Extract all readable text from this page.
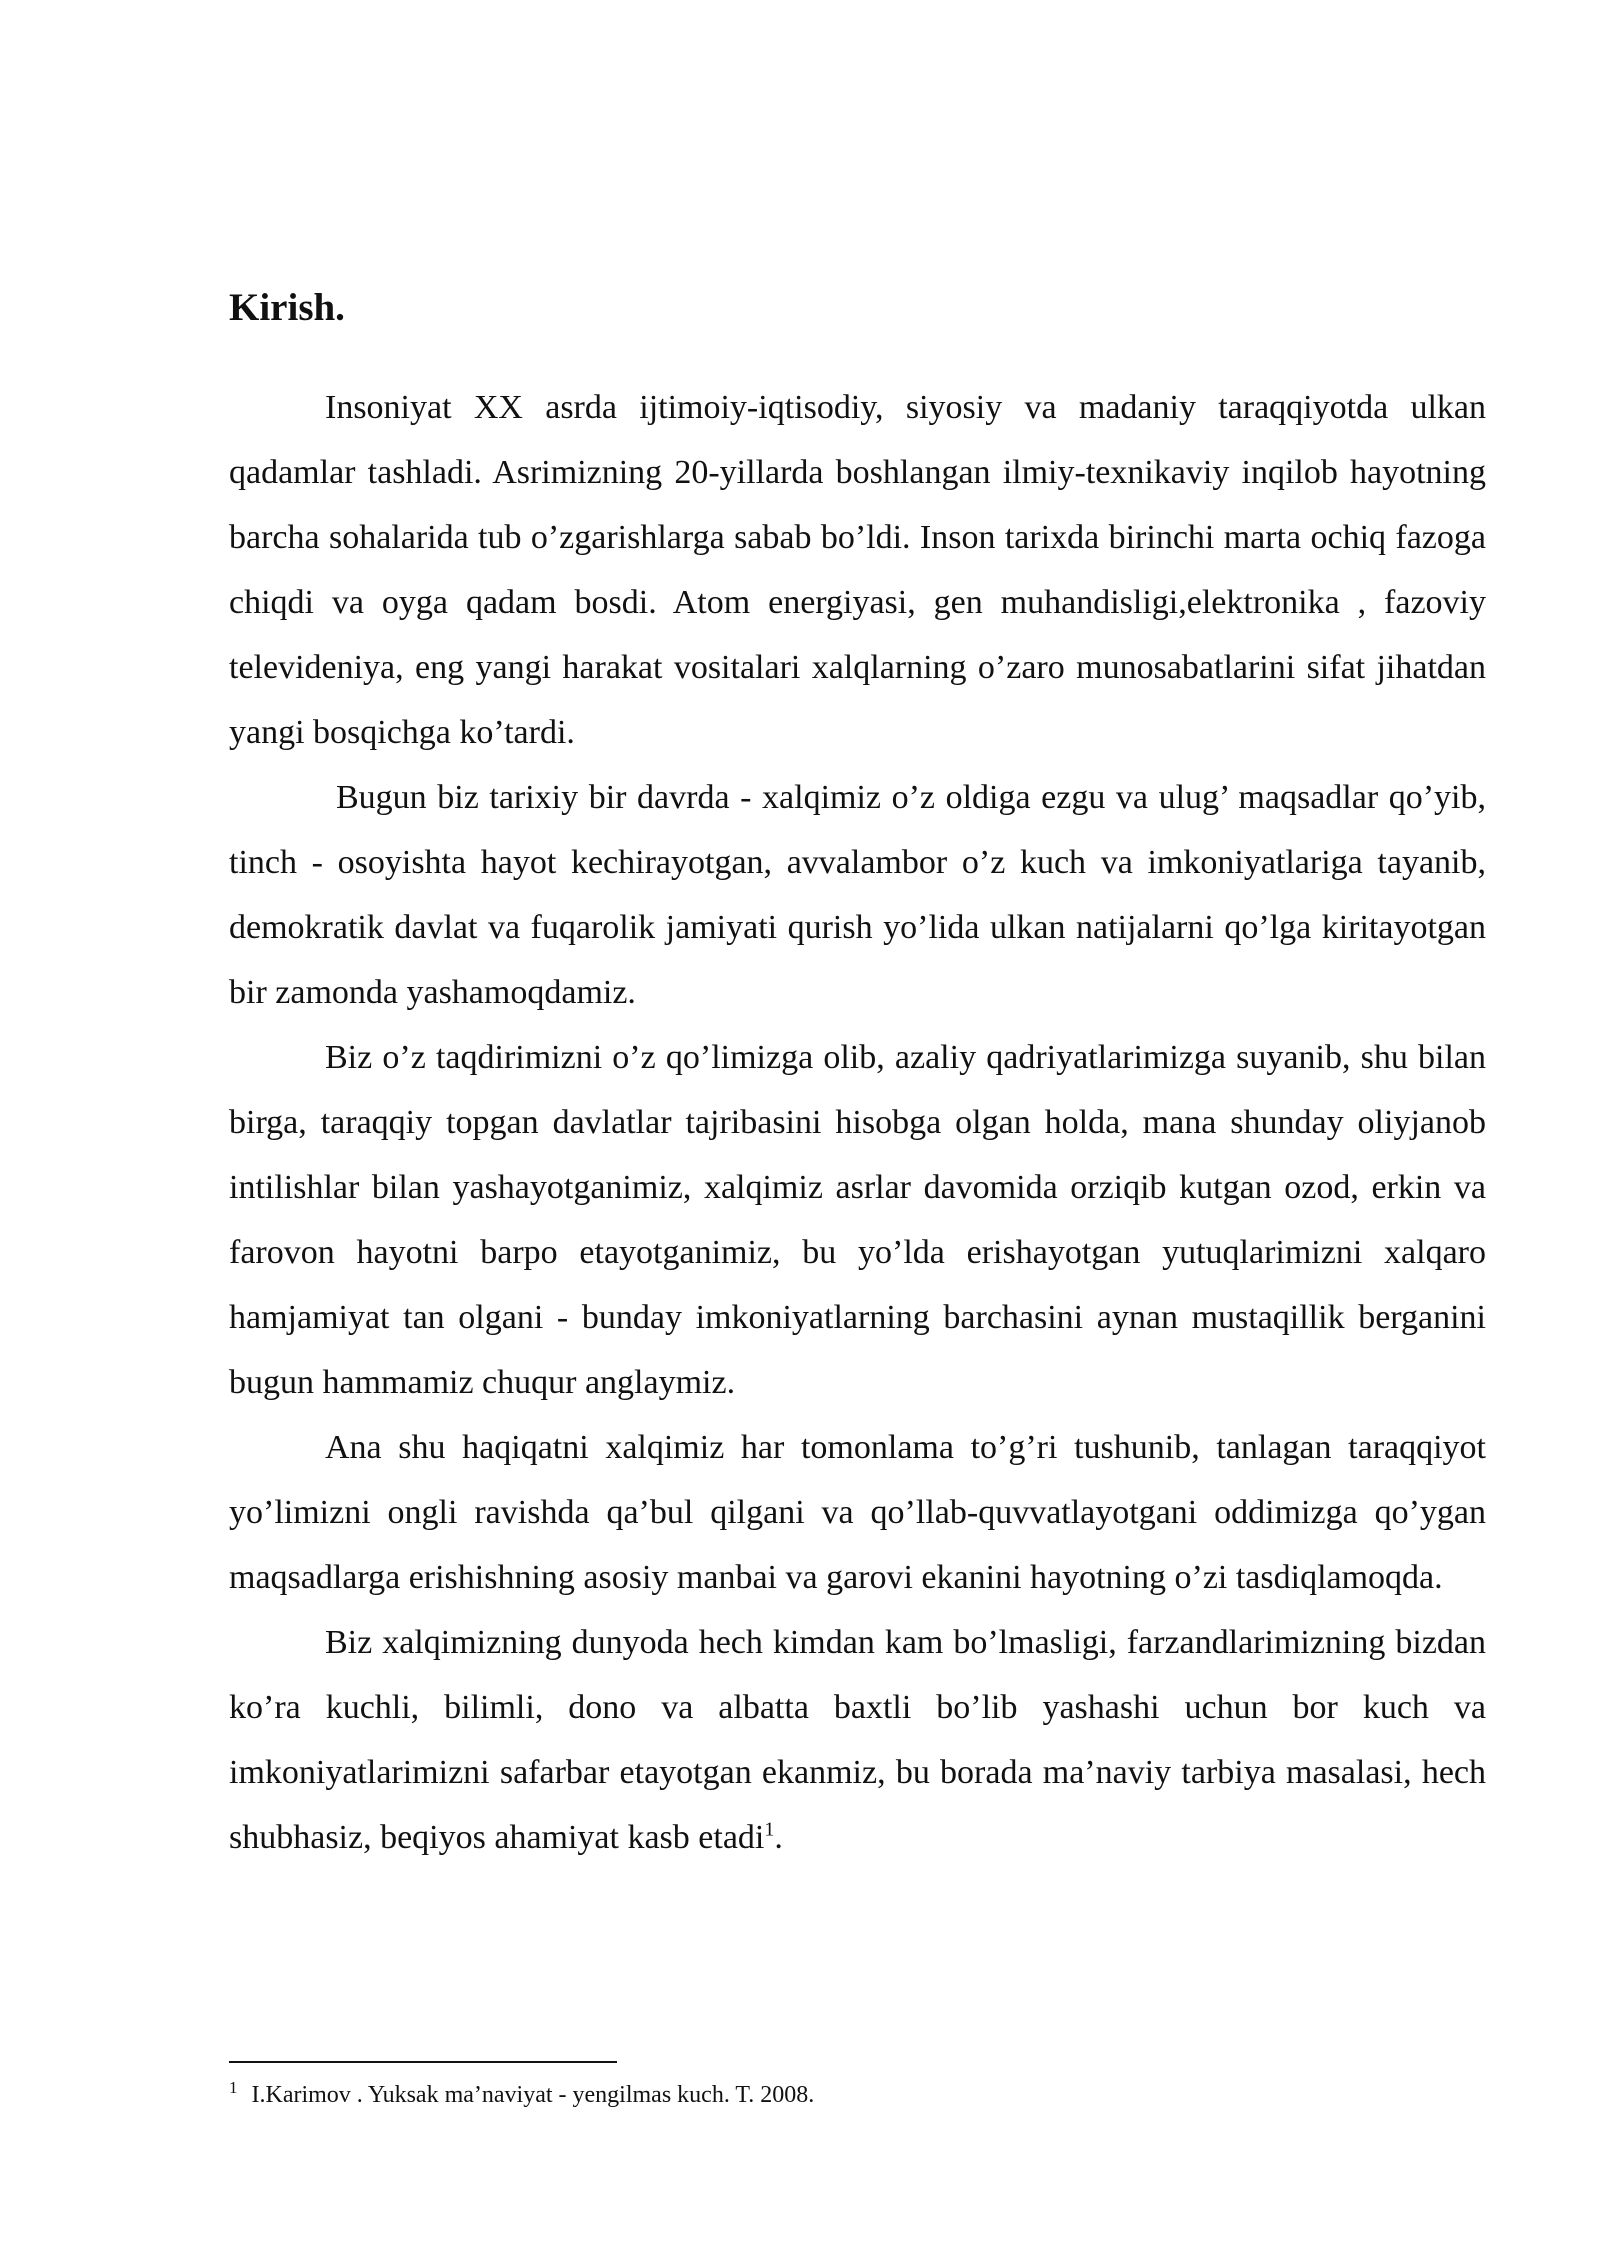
Kirish.

Insoniyat XX asrda ijtimoiy-iqtisodiy, siyosiy va madaniy taraqqiyotda ulkan qadamlar tashladi. Asrimizning 20-yillarda boshlangan ilmiy-texnikaviy inqilob hayotning barcha sohalarida tub o’zgarishlarga sabab bo’ldi. Inson tarixda birinchi marta ochiq fazoga chiqdi va oyga qadam bosdi. Atom energiyasi, gen muhandisligi,elektronika , fazoviy televideniya, eng yangi harakat vositalari xalqlarning o’zaro munosabatlarini sifat jihatdan yangi bosqichga ko’tardi.

Bugun biz tarixiy bir davrda - xalqimiz o’z oldiga ezgu va ulug’ maqsadlar qo’yib, tinch - osoyishta hayot kechirayotgan, avvalambor o’z kuch va imkoniyatlariga tayanib, demokratik davlat va fuqarolik jamiyati qurish yo’lida ulkan natijalarni qo’lga kiritayotgan bir zamonda yashamoqdamiz.

Biz o’z taqdirimizni o’z qo’limizga olib, azaliy qadriyatlarimizga suyanib, shu bilan birga, taraqqiy topgan davlatlar tajribasini hisobga olgan holda, mana shunday oliyjanob intilishlar bilan yashayotganimiz, xalqimiz asrlar davomida orziqib kutgan ozod, erkin va farovon hayotni barpo etayotganimiz, bu yo’lda erishayotgan yutuqlarimizni xalqaro hamjamiyat tan olgani - bunday imkoniyatlarning barchasini aynan mustaqillik berganini bugun hammamiz chuqur anglaymiz.

Ana shu haqiqatni xalqimiz har tomonlama to’g’ri tushunib, tanlagan taraqqiyot yo’limizni ongli ravishda qa’bul qilgani va qo’llab-quvvatlayotgani oddimizga qo’ygan maqsadlarga erishishning asosiy manbai va garovi ekanini hayotning o’zi tasdiqlamoqda.

Biz xalqimizning dunyoda hech kimdan kam bo’lmasligi, farzandlarimizning bizdan ko’ra kuchli, bilimli, dono va albatta baxtli bo’lib yashashi uchun bor kuch va imkoniyatlarimizni safarbar etayotgan ekanmiz, bu borada ma’naviy tarbiya masalasi, hech shubhasiz, beqiyos ahamiyat kasb etadi$^1$.

$^1$ I.Karimov . Yuksak ma’naviyat - yengilmas kuch. T. 2008.
